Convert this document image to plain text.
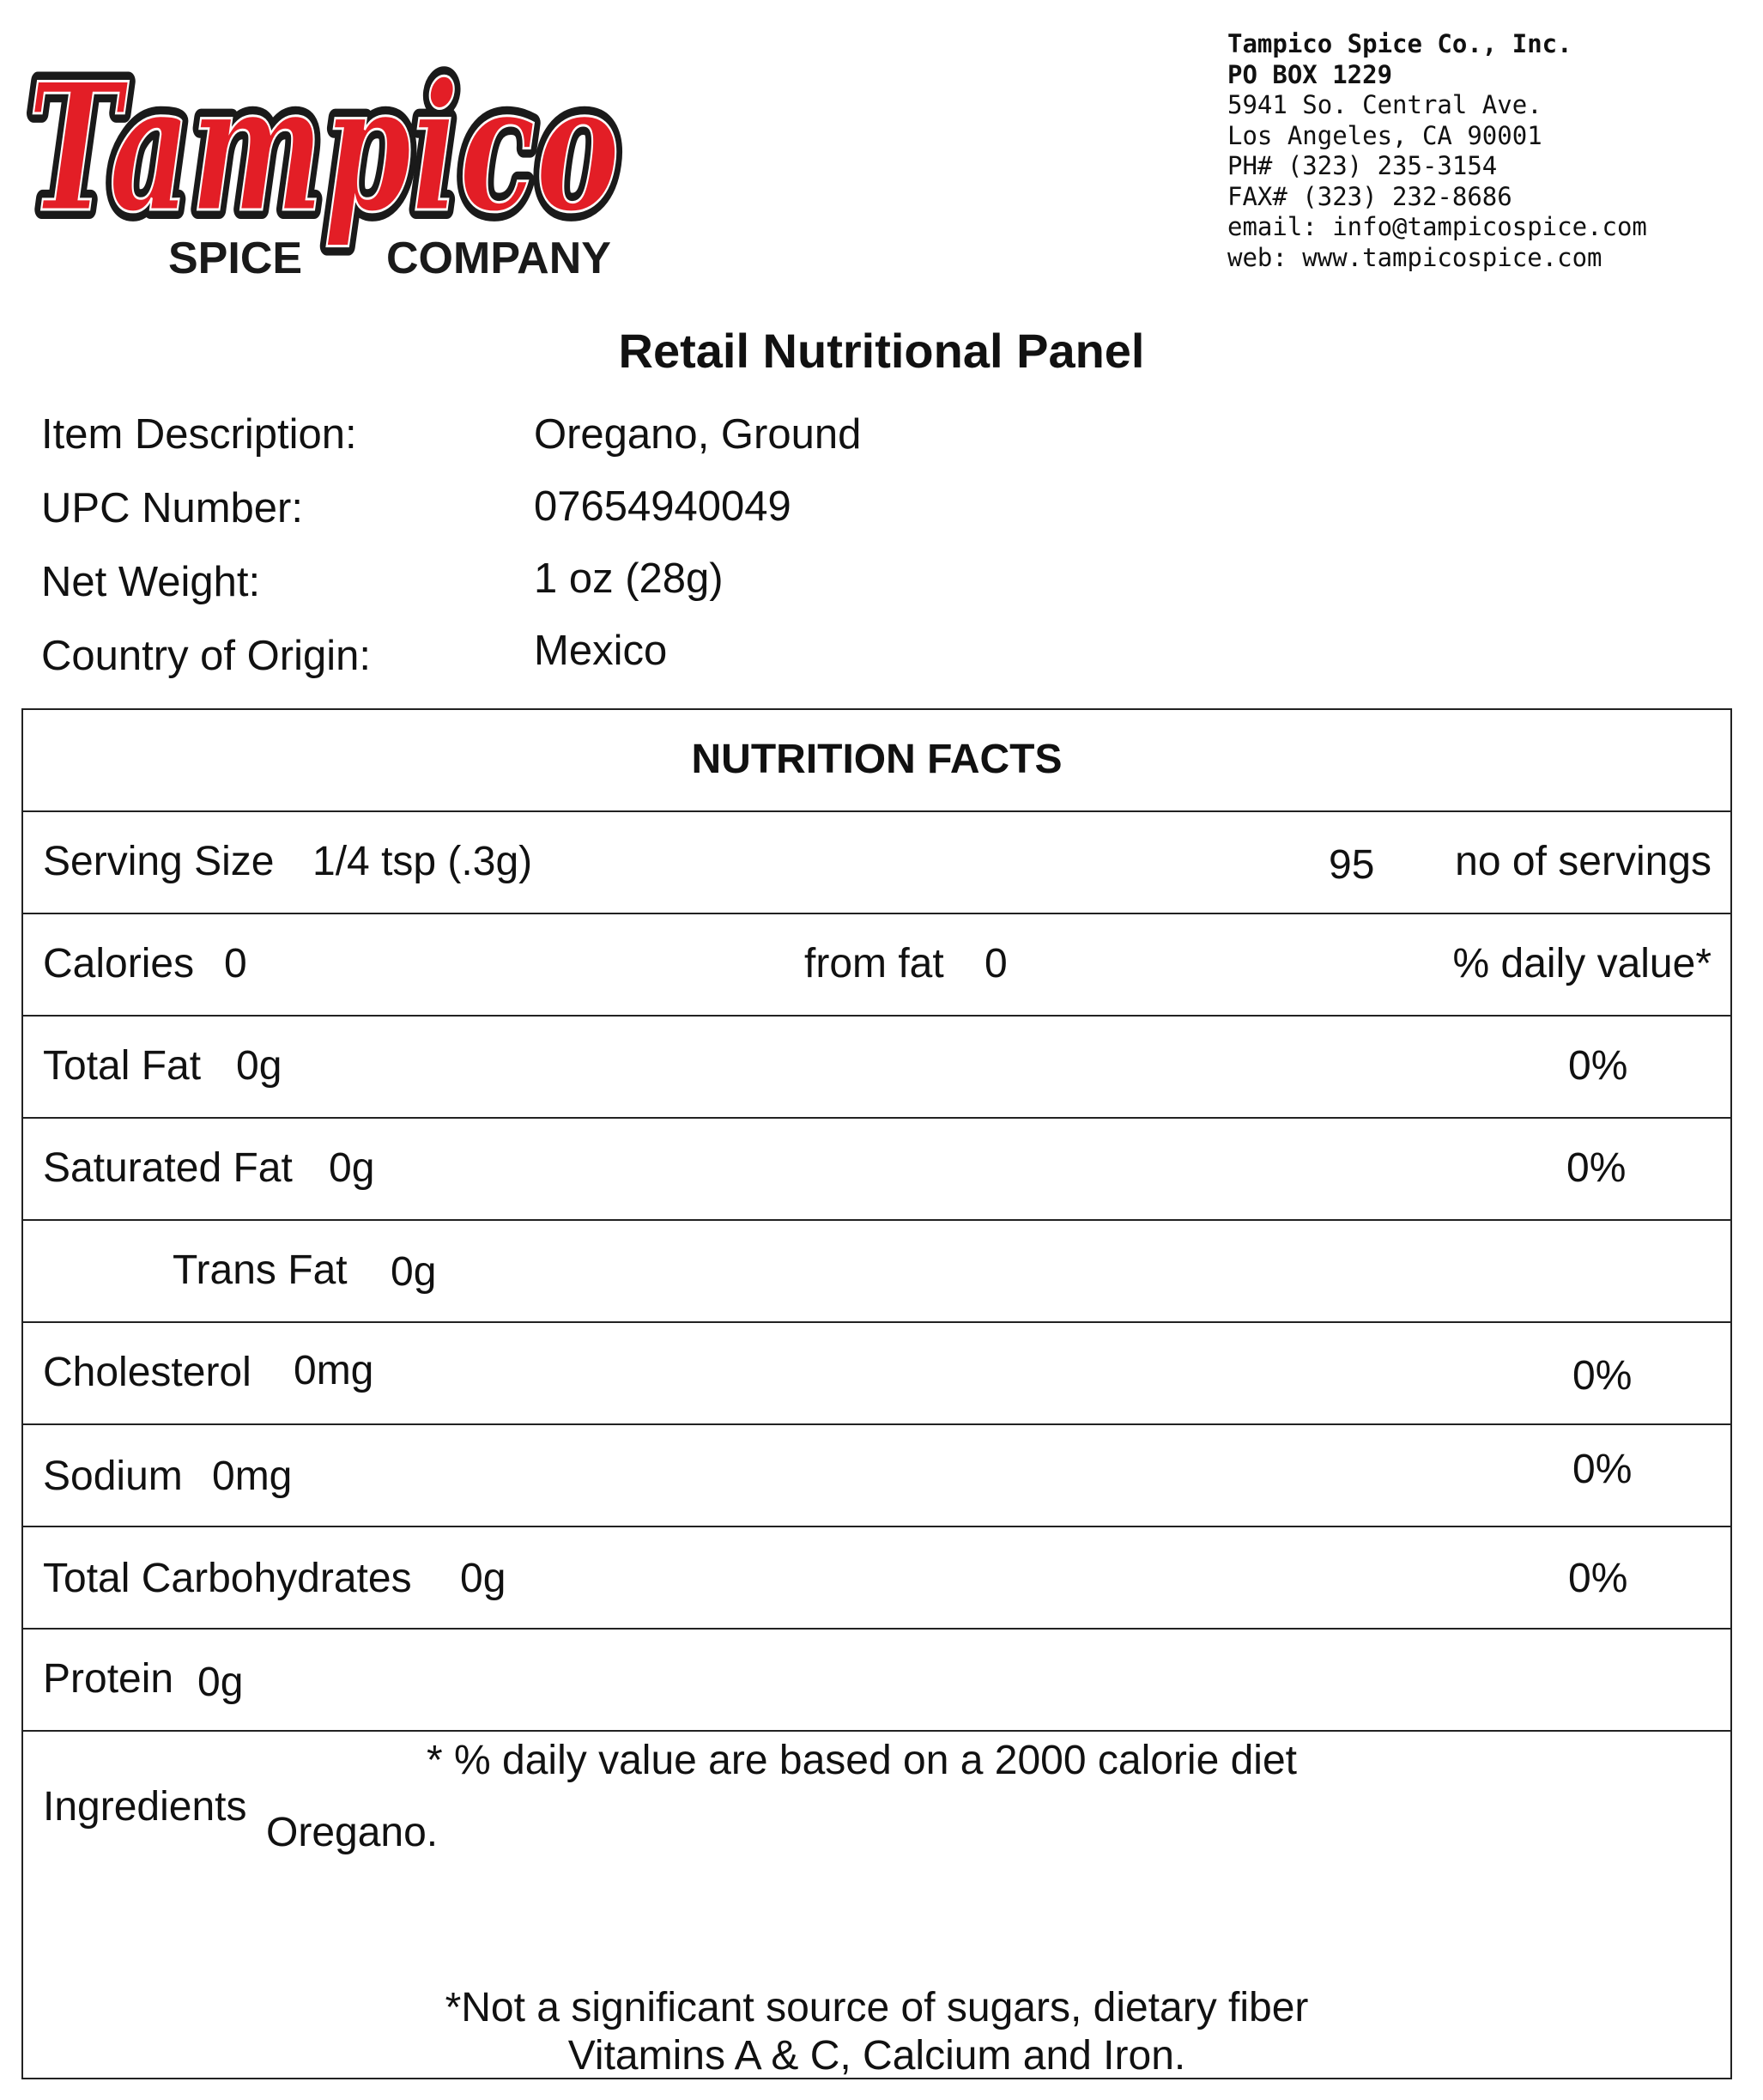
Tampico
Tampico
SPICE COMPANY
Tampico Spice Co., Inc.
PO BOX 1229
5941 So. Central Ave.
Los Angeles, CA 90001
PH# (323) 235-3154
FAX# (323) 232-8686
email: info@tampicospice.com
web: www.tampicospice.com
Retail Nutritional Panel
Item Description:	Oregano, Ground
UPC Number:	07654940049
Net Weight:	1 oz (28g)
Country of Origin:	Mexico
NUTRITION FACTS
Serving Size 1/4 tsp (.3g)	95 no of servings
Calories 0	from fat 0	% daily value*
Total Fat 0g	0%
Saturated Fat 0g	0%
Trans Fat 0g
Cholesterol 0mg	0%
Sodium 0mg	0%
Total Carbohydrates 0g	0%
Protein 0g
* % daily value are based on a 2000 calorie diet
Ingredients
Oregano.
*Not a significant source of sugars, dietary fiber
Vitamins A & C, Calcium and Iron.
